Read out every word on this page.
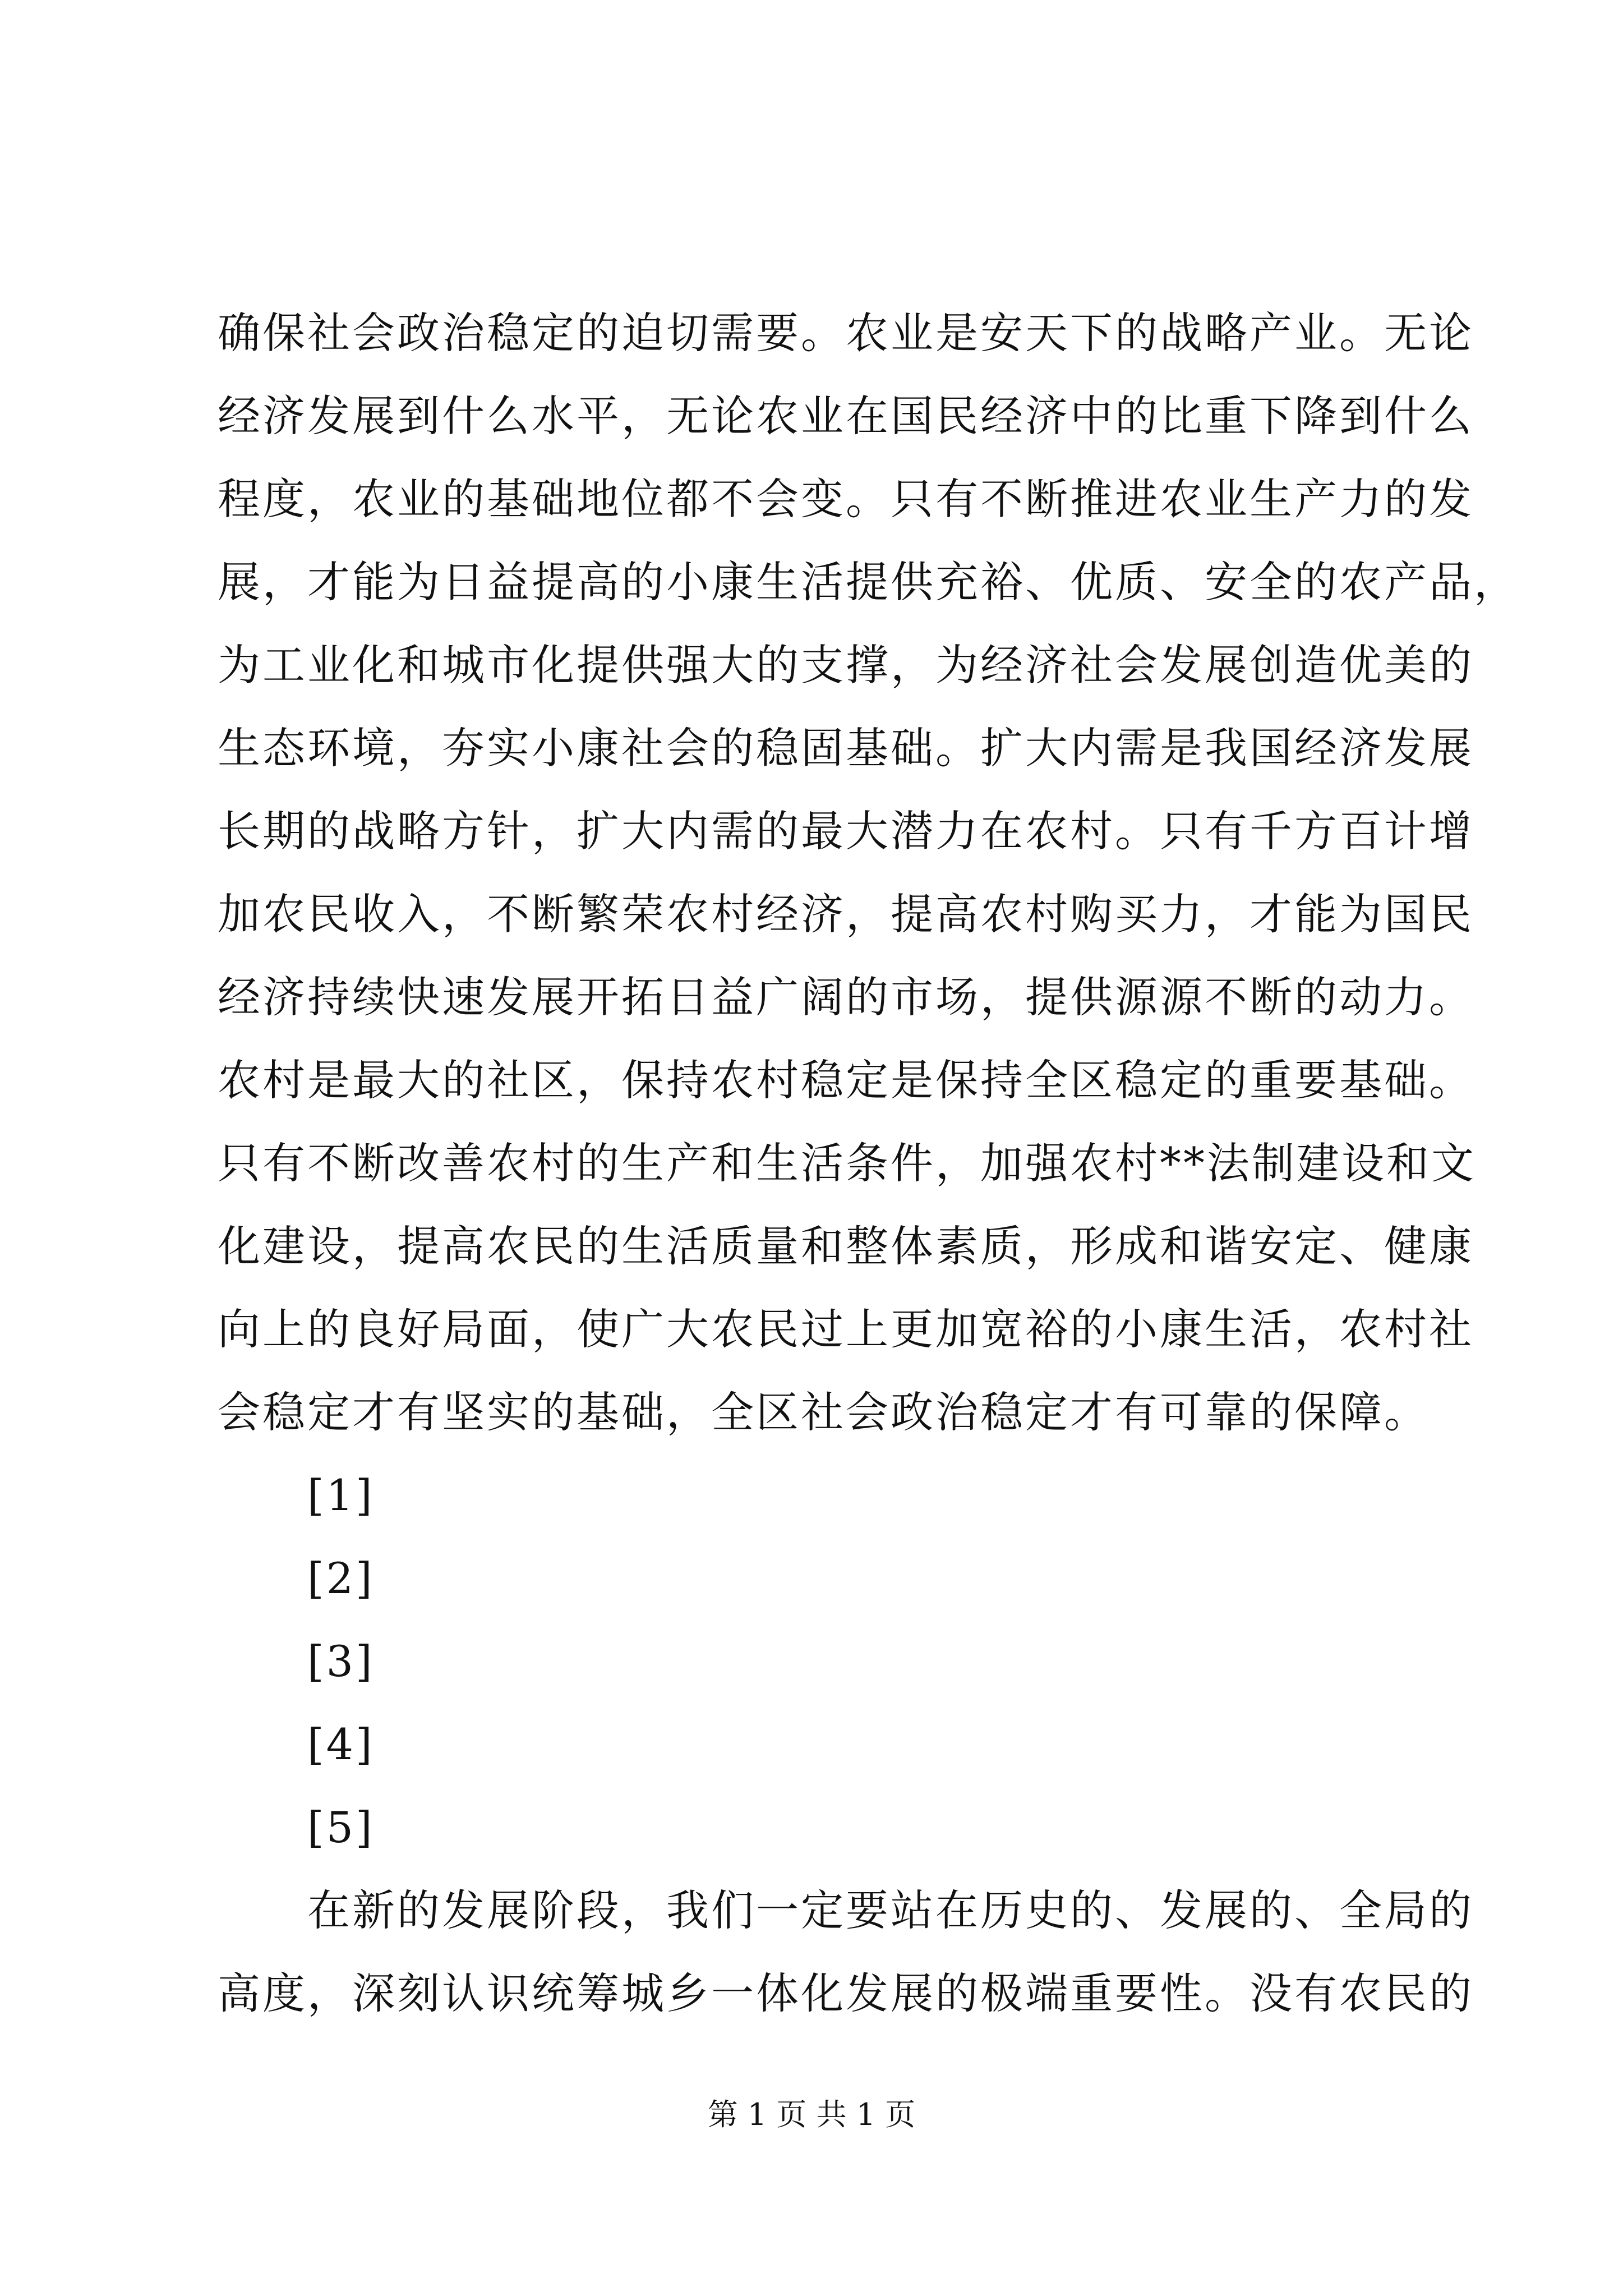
确保社会政治稳定的迫切需要。农业是安天下的战略产业。无论
经济发展到什么水平，无论农业在国民经济中的比重下降到什么
程度，农业的基础地位都不会变。只有不断推进农业生产力的发
展，才能为日益提高的小康生活提供充裕、优质、安全的农产品，
为工业化和城市化提供强大的支撑，为经济社会发展创造优美的
生态环境，夯实小康社会的稳固基础。扩大内需是我国经济发展
长期的战略方针，扩大内需的最大潜力在农村。只有千方百计增
加农民收入，不断繁荣农村经济，提高农村购买力，才能为国民
经济持续快速发展开拓日益广阔的市场，提供源源不断的动力。
农村是最大的社区，保持农村稳定是保持全区稳定的重要基础。
只有不断改善农村的生产和生活条件，加强农村**法制建设和文
化建设，提高农民的生活质量和整体素质，形成和谐安定、健康
向上的良好局面，使广大农民过上更加宽裕的小康生活，农村社
会稳定才有坚实的基础，全区社会政治稳定才有可靠的保障。
[1]
[2]
[3]
[4]
[5]
在新的发展阶段，我们一定要站在历史的、发展的、全局的
高度，深刻认识统筹城乡一体化发展的极端重要性。没有农民的
第 1 页 共 1 页
